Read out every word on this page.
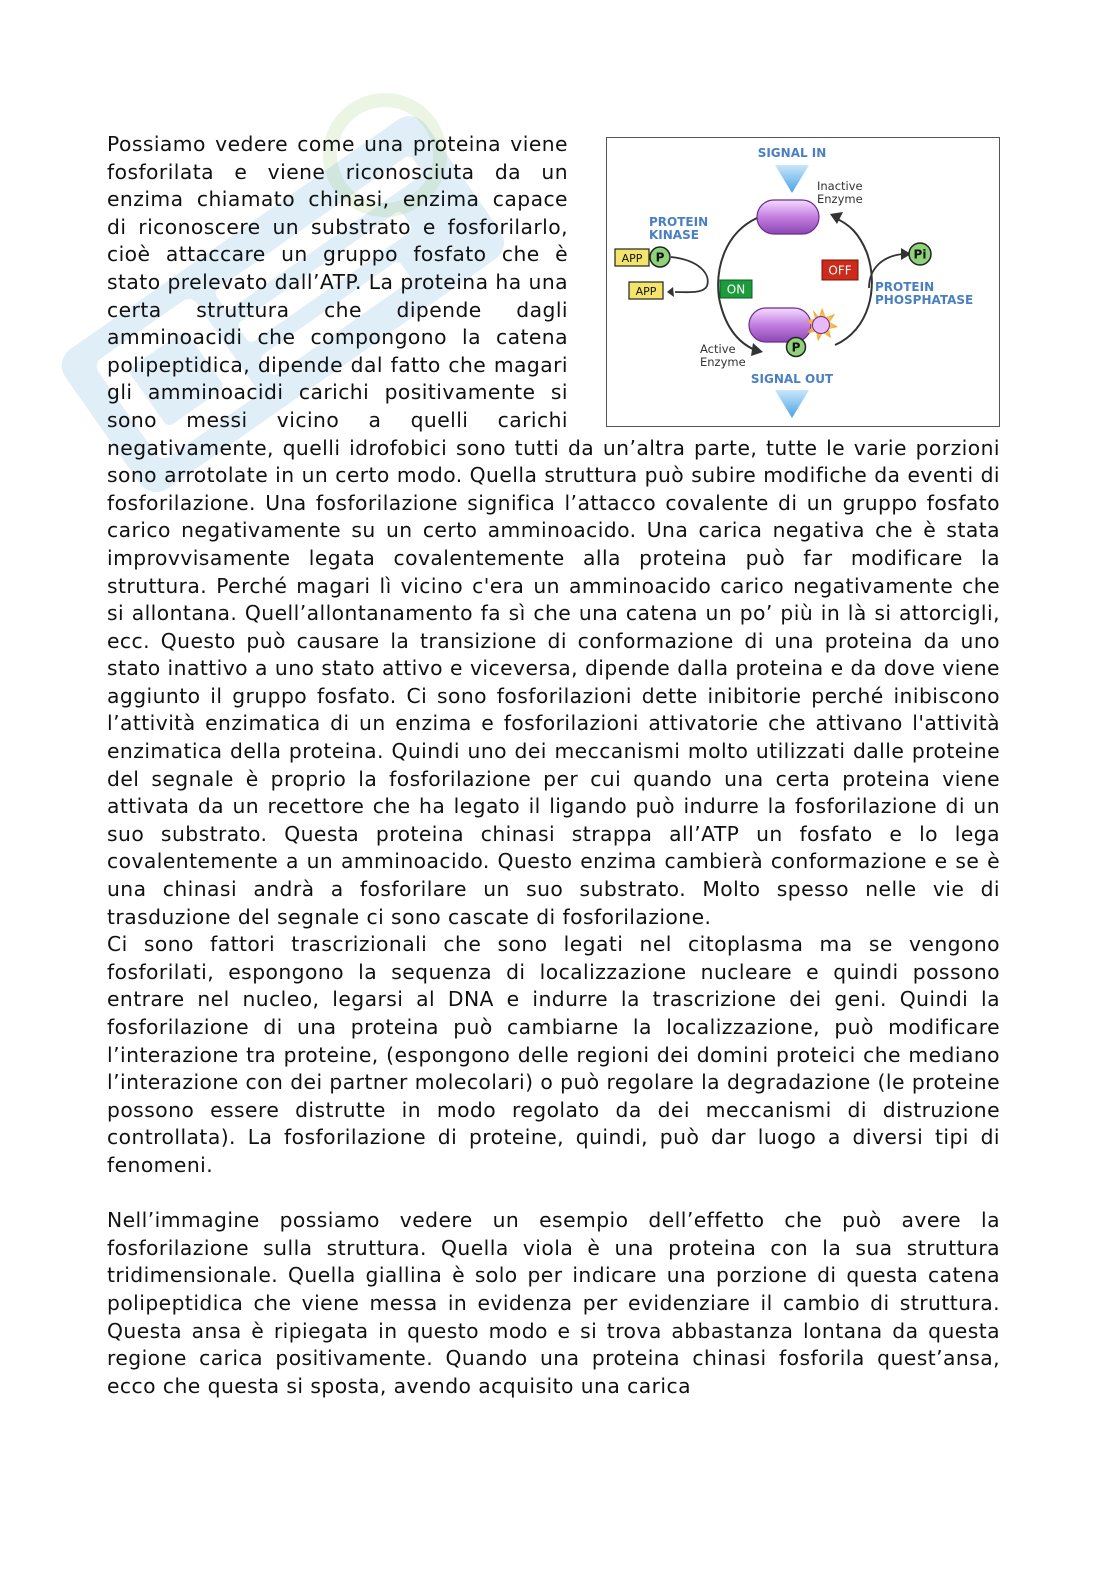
SIGNAL IN
Inactive
Enzyme
PROTEIN
KINASE
APP P
APP	ON
OFF
Pi
PROTEIN
PHOSPHATASE
P
Active
Enzyme
SIGNAL OUT

Possiamo vedere come una proteina viene fosforilata e viene riconosciuta da un enzima chiamato chinasi, enzima capace di riconoscere un substrato e fosforilarlo, cioè attaccare un gruppo fosfato che è stato prelevato dall’ATP. La proteina ha una certa struttura che dipende dagli amminoacidi che compongono la catena polipeptidica, dipende dal fatto che magari gli amminoacidi carichi positivamente si sono messi vicino a quelli carichi negativamente, quelli idrofobici sono tutti da un’altra parte, tutte le varie porzioni sono arrotolate in un certo modo. Quella struttura può subire modifiche da eventi di fosforilazione. Una fosforilazione significa l’attacco covalente di un gruppo fosfato carico negativamente su un certo amminoacido. Una carica negativa che è stata improvvisamente legata covalentemente alla proteina può far modificare la struttura. Perché magari lì vicino c'era un amminoacido carico negativamente che si allontana. Quell’allontanamento fa sì che una catena un po’ più in là si attorcigli, ecc. Questo può causare la transizione di conformazione di una proteina da uno stato inattivo a uno stato attivo e viceversa, dipende dalla proteina e da dove viene aggiunto il gruppo fosfato. Ci sono fosforilazioni dette inibitorie perché inibiscono l’attività enzimatica di un enzima e fosforilazioni attivatorie che attivano l'attività enzimatica della proteina. Quindi uno dei meccanismi molto utilizzati dalle proteine del segnale è proprio la fosforilazione per cui quando una certa proteina viene attivata da un recettore che ha legato il ligando può indurre la fosforilazione di un suo substrato. Questa proteina chinasi strappa all’ATP un fosfato e lo lega covalentemente a un amminoacido. Questo enzima cambierà conformazione e se è una chinasi andrà a fosforilare un suo substrato. Molto spesso nelle vie di trasduzione del segnale ci sono cascate di fosforilazione.

Ci sono fattori trascrizionali che sono legati nel citoplasma ma se vengono fosforilati, espongono la sequenza di localizzazione nucleare e quindi possono entrare nel nucleo, legarsi al DNA e indurre la trascrizione dei geni. Quindi la fosforilazione di una proteina può cambiarne la localizzazione, può modificare l’interazione tra proteine, (espongono delle regioni dei domini proteici che mediano l’interazione con dei partner molecolari) o può regolare la degradazione (le proteine possono essere distrutte in modo regolato da dei meccanismi di distruzione controllata). La fosforilazione di proteine, quindi, può dar luogo a diversi tipi di fenomeni.

Nell’immagine possiamo vedere un esempio dell’effetto che può avere la fosforilazione sulla struttura. Quella viola è una proteina con la sua struttura tridimensionale. Quella giallina è solo per indicare una porzione di questa catena polipeptidica che viene messa in evidenza per evidenziare il cambio di struttura. Questa ansa è ripiegata in questo modo e si trova abbastanza lontana da questa regione carica positivamente. Quando una proteina chinasi fosforila quest’ansa, ecco che questa si sposta, avendo acquisito una carica
